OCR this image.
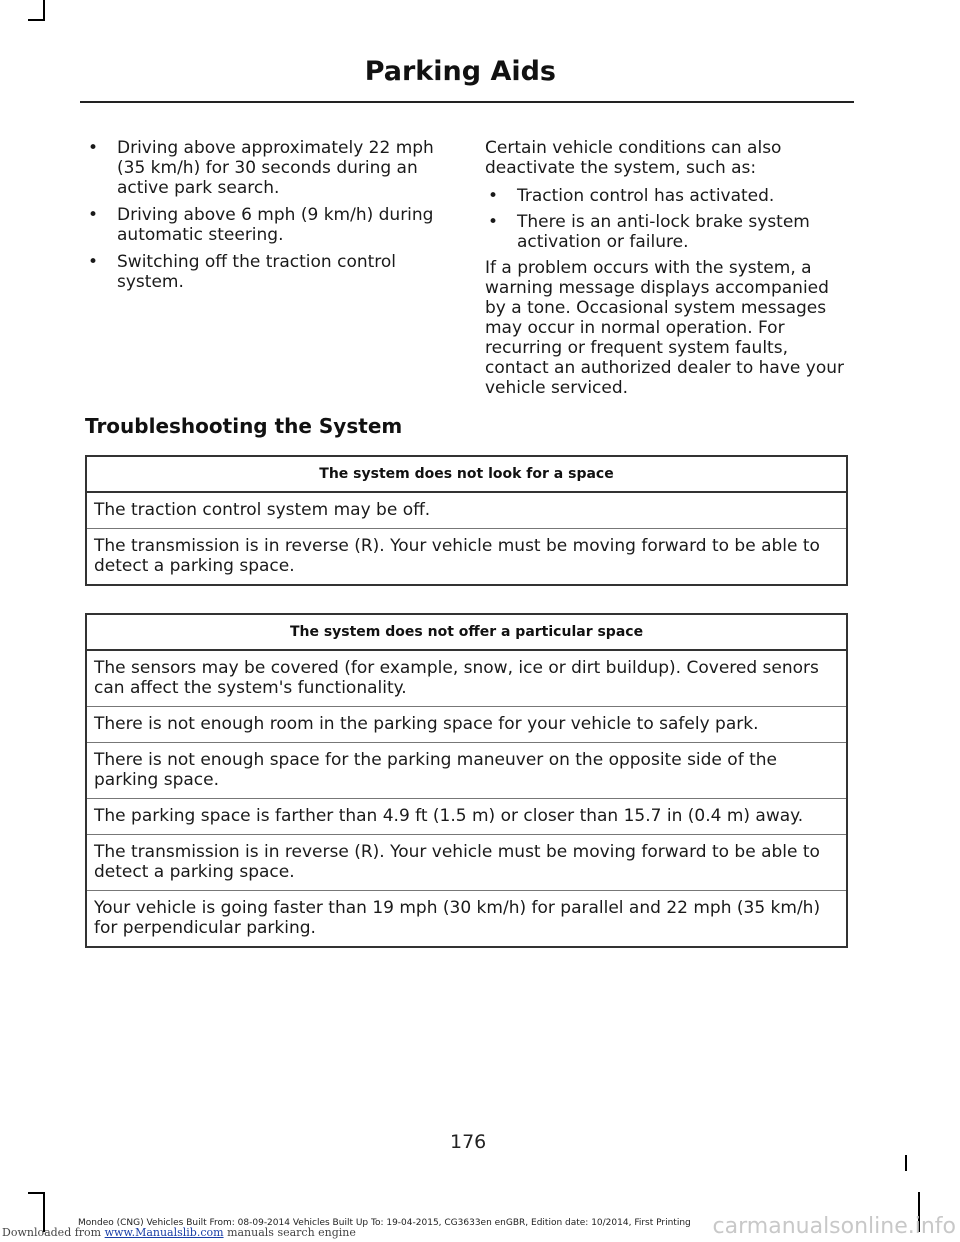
Parking Aids
• Driving above approximately 22 mph (35 km/h) for 30 seconds during an active park search.
• Driving above 6 mph (9 km/h) during automatic steering.
• Switching off the traction control system.

Certain vehicle conditions can also deactivate the system, such as:

• Traction control has activated.
• There is an anti-lock brake system activation or failure.

If a problem occurs with the system, a warning message displays accompanied by a tone. Occasional system messages may occur in normal operation. For recurring or frequent system faults, contact an authorized dealer to have your vehicle serviced.

Troubleshooting the System
The system does not look for a space
The traction control system may be off.
The transmission is in reverse (R). Your vehicle must be moving forward to be able to detect a parking space.
The system does not offer a particular space
The sensors may be covered (for example, snow, ice or dirt buildup). Covered senors can affect the system's functionality.
There is not enough room in the parking space for your vehicle to safely park.
There is not enough space for the parking maneuver on the opposite side of the parking space.
The parking space is farther than 4.9 ft (1.5 m) or closer than 15.7 in (0.4 m) away.
The transmission is in reverse (R). Your vehicle must be moving forward to be able to detect a parking space.
Your vehicle is going faster than 19 mph (30 km/h) for parallel and 22 mph (35 km/h) for perpendicular parking.
176
Mondeo (CNG) Vehicles Built From: 08-09-2014 Vehicles Built Up To: 19-04-2015, CG3633en enGBR, Edition date: 10/2014, First Printing
Downloaded from www.Manualslib.com manuals search engine	carmanualsonline.info
